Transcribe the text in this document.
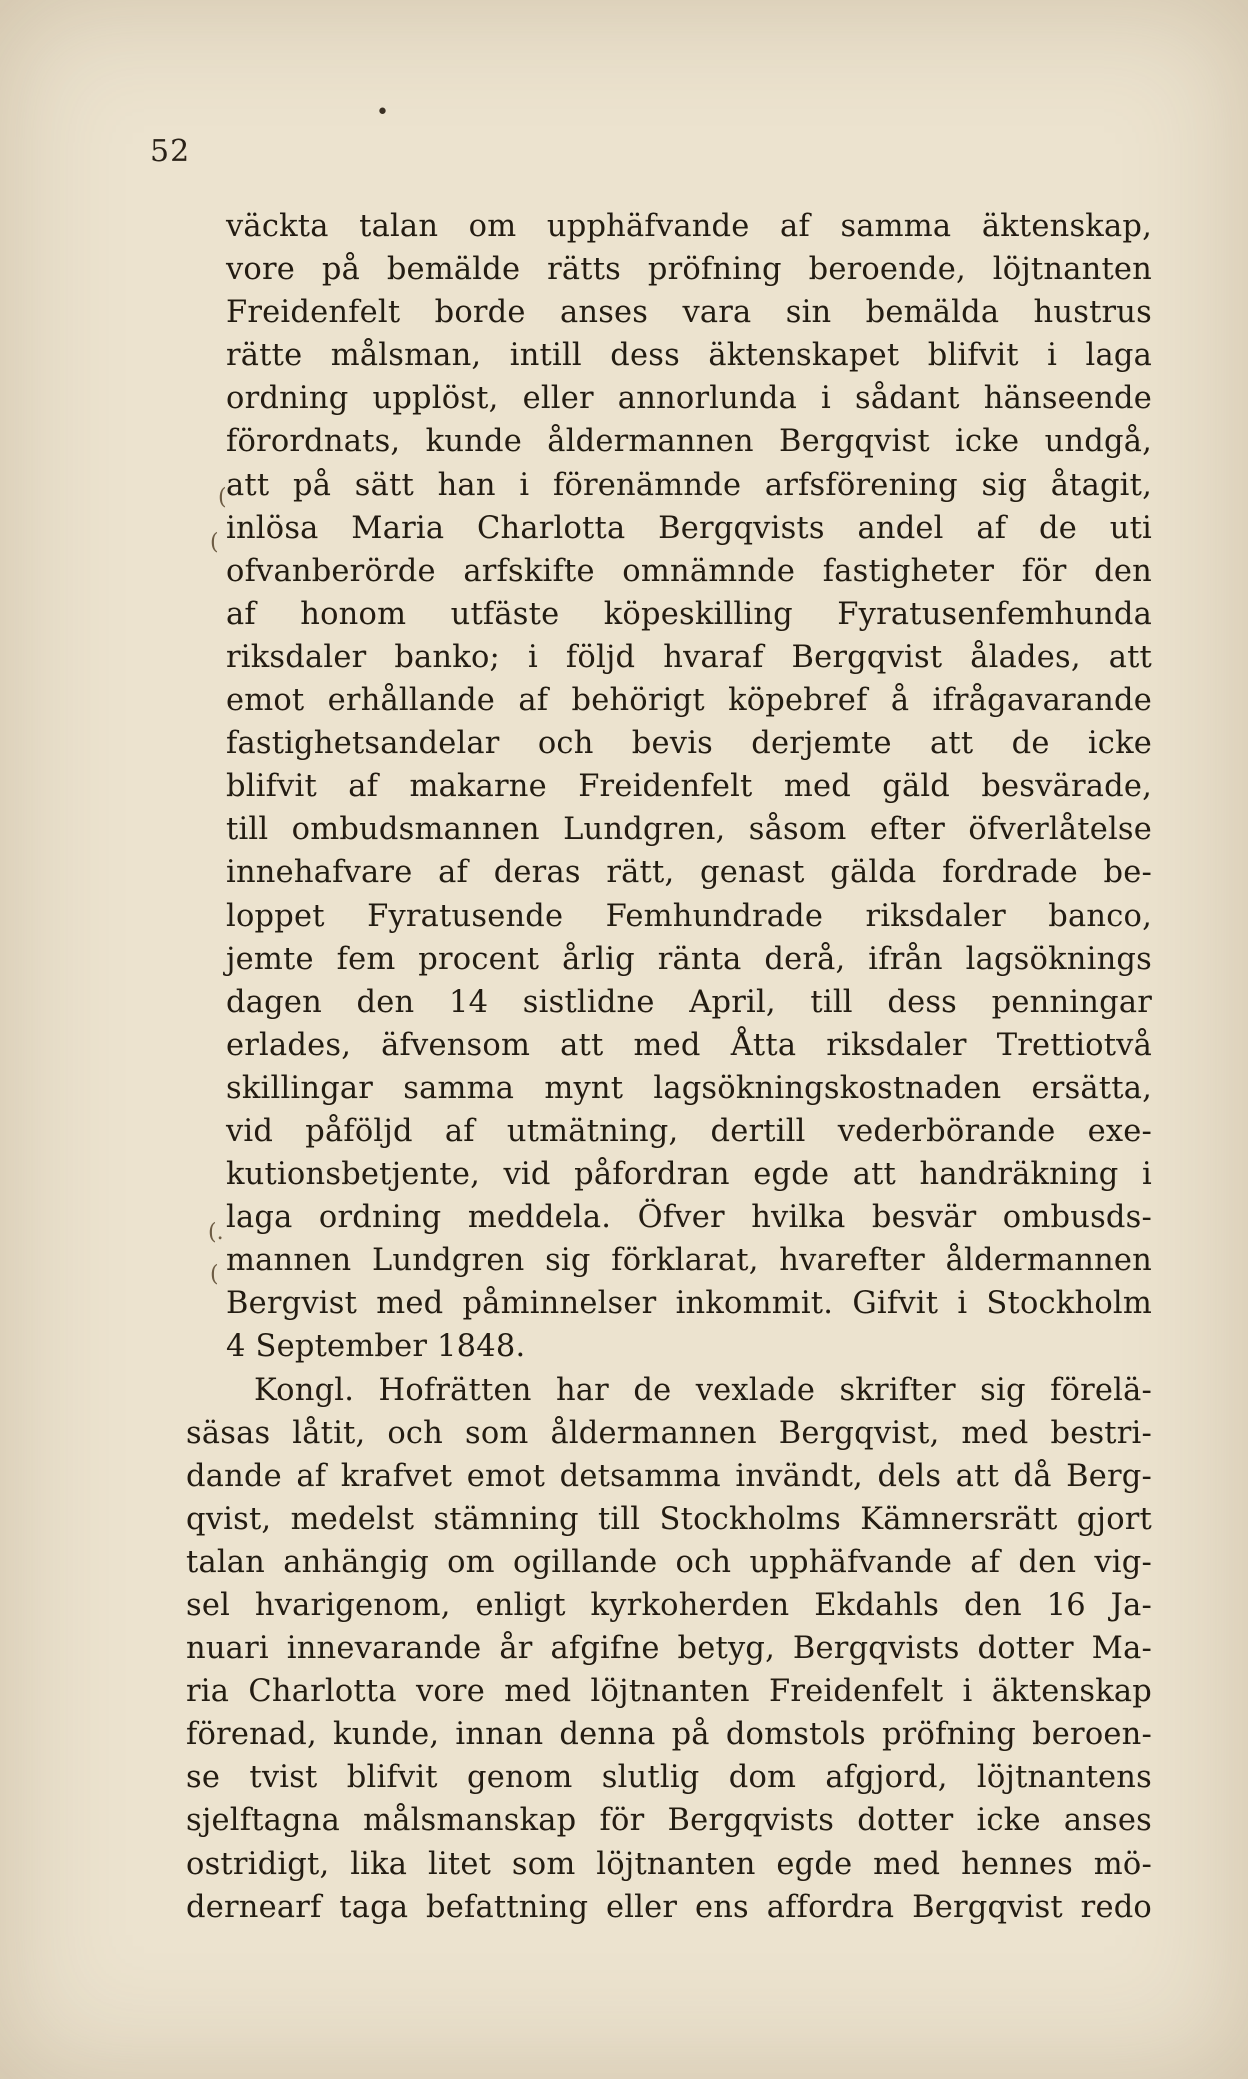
52
•
(
(
(.
(
väckta talan om upphäfvande af samma äktenskap,
vore på bemälde rätts pröfning beroende, löjtnanten
Freidenfelt borde anses vara sin bemälda hustrus
rätte målsman, intill dess äktenskapet blifvit i laga
ordning upplöst, eller annorlunda i sådant hänseende
förordnats, kunde åldermannen Bergqvist icke undgå,
att på sätt han i förenämnde arfsförening sig åtagit,
inlösa Maria Charlotta Bergqvists andel af de uti
ofvanberörde arfskifte omnämnde fastigheter för den
af honom utfäste köpeskilling Fyratusenfemhunda
riksdaler banko; i följd hvaraf Bergqvist ålades, att
emot erhållande af behörigt köpebref å ifrågavarande
fastighetsandelar och bevis derjemte att de icke
blifvit af makarne Freidenfelt med gäld besvärade,
till ombudsmannen Lundgren, såsom efter öfverlåtelse
innehafvare af deras rätt, genast gälda fordrade be-
loppet Fyratusende Femhundrade riksdaler banco,
jemte fem procent årlig ränta derå, ifrån lagsöknings
dagen den 14 sistlidne April, till dess penningar
erlades, äfvensom att med Åtta riksdaler Trettiotvå
skillingar samma mynt lagsökningskostnaden ersätta,
vid påföljd af utmätning, dertill vederbörande exe-
kutionsbetjente, vid påfordran egde att handräkning i
laga ordning meddela. Öfver hvilka besvär ombusds-
mannen Lundgren sig förklarat, hvarefter åldermannen
Bergvist med påminnelser inkommit. Gifvit i Stockholm
4 September 1848.
Kongl. Hofrätten har de vexlade skrifter sig förelä-
säsas låtit, och som åldermannen Bergqvist, med bestri-
dande af krafvet emot detsamma invändt, dels att då Berg-
qvist, medelst stämning till Stockholms Kämnersrätt gjort
talan anhängig om ogillande och upphäfvande af den vig-
sel hvarigenom, enligt kyrkoherden Ekdahls den 16 Ja-
nuari innevarande år afgifne betyg, Bergqvists dotter Ma-
ria Charlotta vore med löjtnanten Freidenfelt i äktenskap
förenad, kunde, innan denna på domstols pröfning beroen-
se tvist blifvit genom slutlig dom afgjord, löjtnantens
sjelftagna målsmanskap för Bergqvists dotter icke anses
ostridigt, lika litet som löjtnanten egde med hennes mö-
dernearf taga befattning eller ens affordra Bergqvist redo
